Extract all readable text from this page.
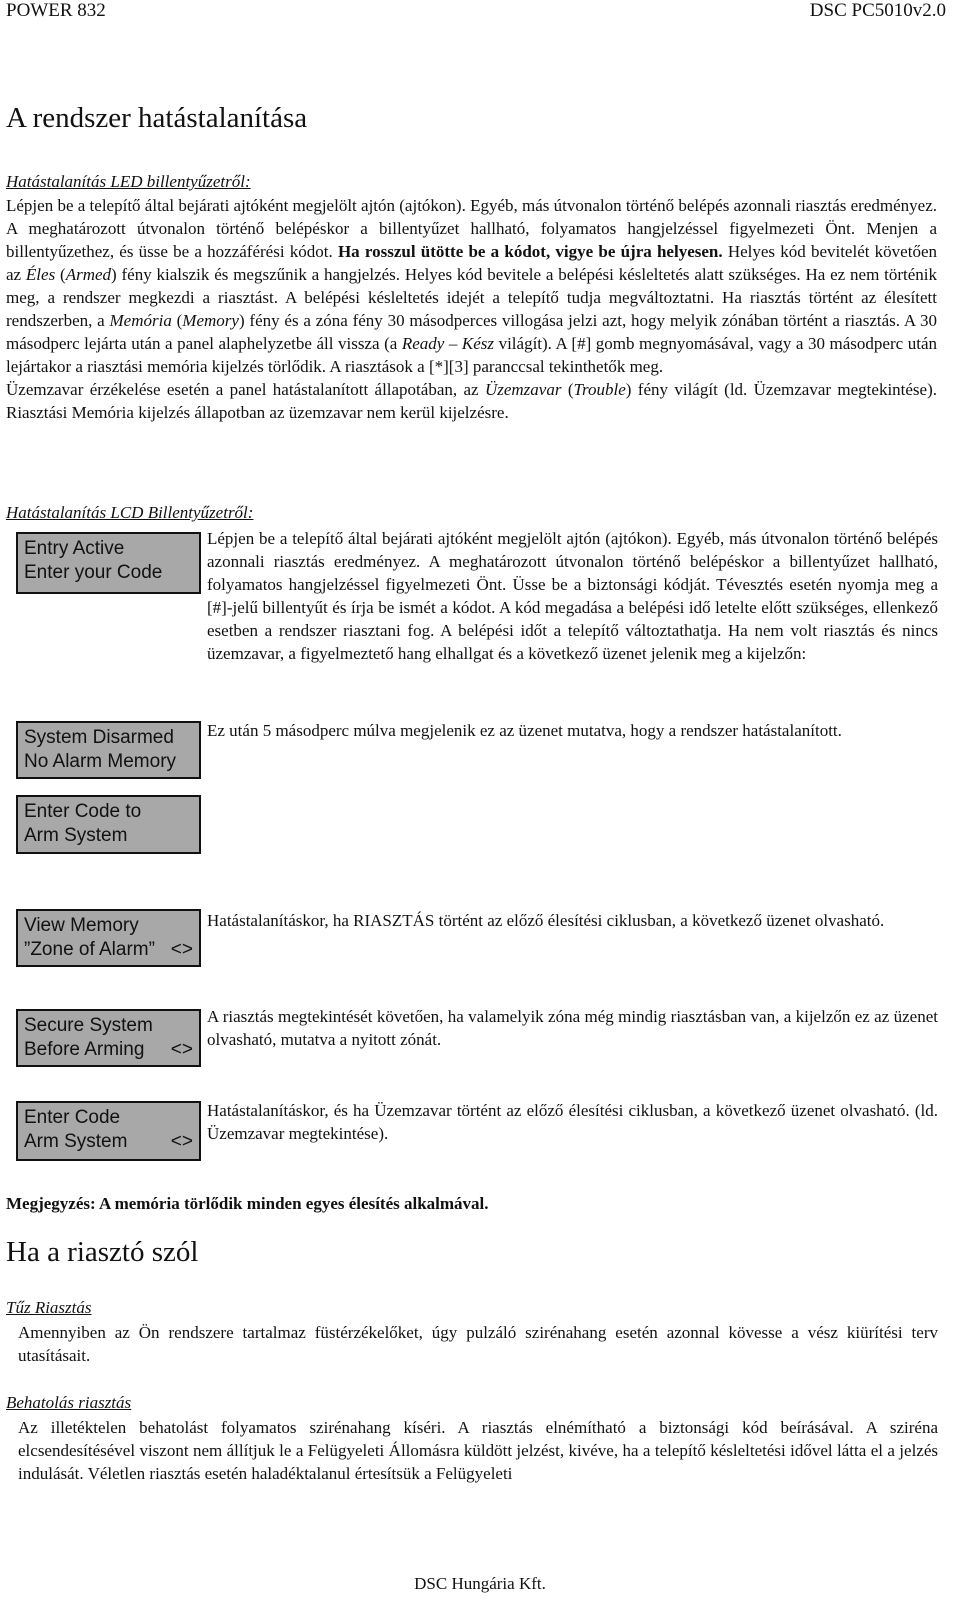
POWER 832	DSC PC5010v2.0
A rendszer hatástalanítása
Hatástalanítás LED billentyűzetről:

Lépjen be a telepítő által bejárati ajtóként megjelölt ajtón (ajtókon). Egyéb, más útvonalon történő belépés azonnali riasztás eredményez. A meghatározott útvonalon történő belépéskor a billentyűzet hallható, folyamatos hangjelzéssel figyelmezeti Önt. Menjen a billentyűzethez, és üsse be a hozzáférési kódot. Ha rosszul ütötte be a kódot, vigye be újra helyesen. Helyes kód bevitelét követően az Éles (Armed) fény kialszik és megszűnik a hangjelzés. Helyes kód bevitele a belépési késleltetés alatt szükséges. Ha ez nem történik meg, a rendszer megkezdi a riasztást. A belépési késleltetés idejét a telepítő tudja megváltoztatni. Ha riasztás történt az élesített rendszerben, a Memória (Memory) fény és a zóna fény 30 másodperces villogása jelzi azt, hogy melyik zónában történt a riasztás. A 30 másodperc lejárta után a panel alaphelyzetbe áll vissza (a Ready – Kész világít). A [#] gomb megnyomásával, vagy a 30 másodperc után lejártakor a riasztási memória kijelzés törlődik. A riasztások a [*][3] paranccsal tekinthetők meg.

Üzemzavar érzékelése esetén a panel hatástalanított állapotában, az Üzemzavar (Trouble) fény világít (ld. Üzemzavar megtekintése). Riasztási Memória kijelzés állapotban az üzemzavar nem kerül kijelzésre.

Hatástalanítás LCD Billentyűzetről:
Entry Active
Enter your Code
Lépjen be a telepítő által bejárati ajtóként megjelölt ajtón (ajtókon). Egyéb, más útvonalon történő belépés azonnali riasztás eredményez. A meghatározott útvonalon történő belépéskor a billentyűzet hallható, folyamatos hangjelzéssel figyelmezeti Önt. Üsse be a biztonsági kódját. Tévesztés esetén nyomja meg a [#]-jelű billentyűt és írja be ismét a kódot. A kód megadása a belépési idő letelte előtt szükséges, ellenkező esetben a rendszer riasztani fog. A belépési időt a telepítő változtathatja. Ha nem volt riasztás és nincs üzemzavar, a figyelmeztető hang elhallgat és a következő üzenet jelenik meg a kijelzőn:
System Disarmed
No Alarm Memory
Ez után 5 másodperc múlva megjelenik ez az üzenet mutatva, hogy a rendszer hatástalanított.
Enter Code to
Arm System
View Memory
”Zone of Alarm” <>
Hatástalanításkor, ha RIASZTÁS történt az előző élesítési ciklusban, a következő üzenet olvasható.
Secure System
Before Arming <>
A riasztás megtekintését követően, ha valamelyik zóna még mindig riasztásban van, a kijelzőn ez az üzenet olvasható, mutatva a nyitott zónát.
Enter Code
Arm System <>
Hatástalanításkor, és ha Üzemzavar történt az előző élesítési ciklusban, a következő üzenet olvasható. (ld. Üzemzavar megtekintése).
Megjegyzés: A memória törlődik minden egyes élesítés alkalmával.
Ha a riasztó szól
Tűz Riasztás
Amennyiben az Ön rendszere tartalmaz füstérzékelőket, úgy pulzáló szirénahang esetén azonnal kövesse a vész kiürítési terv utasításait.
Behatolás riasztás
Az illetéktelen behatolást folyamatos szirénahang kíséri. A riasztás elnémítható a biztonsági kód beírásával. A sziréna elcsendesítésével viszont nem állítjuk le a Felügyeleti Állomásra küldött jelzést, kivéve, ha a telepítő késleltetési idővel látta el a jelzés indulását. Véletlen riasztás esetén haladéktalanul értesítsük a Felügyeleti
DSC Hungária Kft.
